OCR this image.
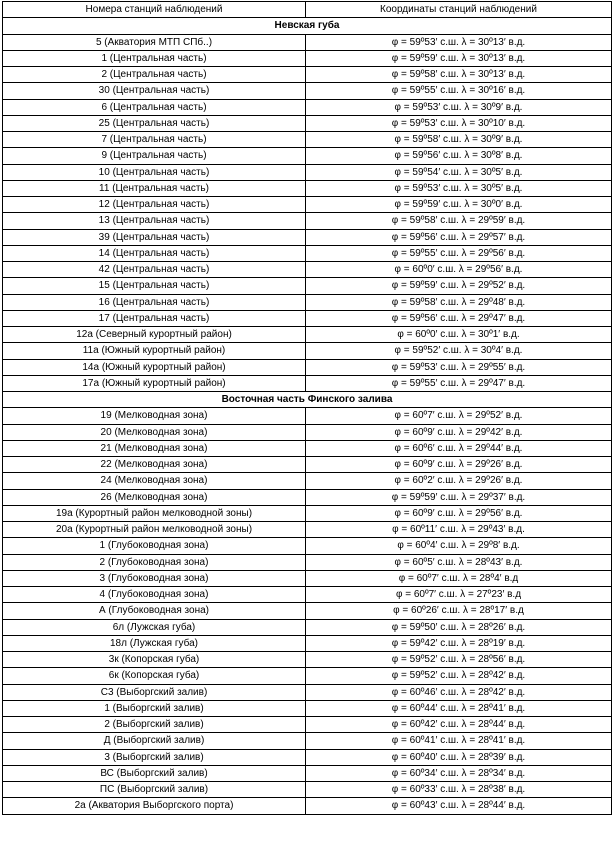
Номера станций наблюдений	Координаты станций наблюдений
Невская губа	
5 (Акватория МТП СПб..)	φ = 59º53′ с.ш. λ = 30º13′ в.д.
1 (Центральная часть)	φ = 59º59′ с.ш. λ = 30º13′ в.д.
2 (Центральная часть)	φ = 59º58′ с.ш. λ = 30º13′ в.д.
30 (Центральная часть)	φ = 59º55′ с.ш. λ = 30º16′ в.д.
6 (Центральная часть)	φ = 59º53′ с.ш. λ = 30º9′ в.д.
25 (Центральная часть)	φ = 59º53′ с.ш. λ = 30º10′ в.д.
7 (Центральная часть)	φ = 59º58′ с.ш. λ = 30º9′ в.д.
9 (Центральная часть)	φ = 59º56′ с.ш. λ = 30º8′ в.д.
10 (Центральная часть)	φ = 59º54′ с.ш. λ = 30º5′ в.д.
11 (Центральная часть)	φ = 59º53′ с.ш. λ = 30º5′ в.д.
12 (Центральная часть)	φ = 59º59′ с.ш. λ = 30º0′ в.д.
13 (Центральная часть)	φ = 59º58′ с.ш. λ = 29º59′ в.д.
39 (Центральная часть)	φ = 59º56′ с.ш. λ = 29º57′ в.д.
14 (Центральная часть)	φ = 59º55′ с.ш. λ = 29º56′ в.д.
42 (Центральная часть)	φ = 60º0′ с.ш. λ = 29º56′ в.д.
15 (Центральная часть)	φ = 59º59′ с.ш. λ = 29º52′ в.д.
16 (Центральная часть)	φ = 59º58′ с.ш. λ = 29º48′ в.д.
17 (Центральная часть)	φ = 59º56′ с.ш. λ = 29º47′ в.д.
12а (Северный курортный район)	φ = 60º0′ с.ш. λ = 30º1′ в.д.
11а (Южный курортный район)	φ = 59º52′ с.ш. λ = 30º4′ в.д.
14а (Южный курортный район)	φ = 59º53′ с.ш. λ = 29º55′ в.д.
17а (Южный курортный район)	φ = 59º55′ с.ш. λ = 29º47′ в.д.
Восточная часть Финского залива	
19 (Мелководная зона)	φ = 60º7′ с.ш. λ = 29º52′ в.д.
20 (Мелководная зона)	φ = 60º9′ с.ш. λ = 29º42′ в.д.
21 (Мелководная зона)	φ = 60º6′ с.ш. λ = 29º44′ в.д.
22 (Мелководная зона)	φ = 60º9′ с.ш. λ = 29º26′ в.д.
24 (Мелководная зона)	φ = 60º2′ с.ш. λ = 29º26′ в.д.
26 (Мелководная зона)	φ = 59º59′ с.ш. λ = 29º37′ в.д.
19а (Курортный район мелководной зоны)	φ = 60º9′ с.ш. λ = 29º56′ в.д.
20а (Курортный район мелководной зоны)	φ = 60º11′ с.ш. λ = 29º43′ в.д.
1 (Глубоководная зона)	φ = 60º4′ с.ш. λ = 29º8′ в.д.
2 (Глубоководная зона)	φ = 60º5′ с.ш. λ = 28º43′ в.д.
3 (Глубоководная зона)	φ = 60º7′ с.ш. λ = 28º4′ в.д
4 (Глубоководная зона)	φ = 60º7′ с.ш. λ = 27º23′ в.д
А (Глубоководная зона)	φ = 60º26′ с.ш. λ = 28º17′ в.д
6л (Лужская губа)	φ = 59º50′ с.ш. λ = 28º26′ в.д.
18л (Лужская губа)	φ = 59º42′ с.ш. λ = 28º19′ в.д.
3к (Копорская губа)	φ = 59º52′ с.ш. λ = 28º56′ в.д.
6к (Копорская губа)	φ = 59º52′ с.ш. λ = 28º42′ в.д.
С3 (Выборгский залив)	φ = 60º46′ с.ш. λ = 28º42′ в.д.
1 (Выборгский залив)	φ = 60º44′ с.ш. λ = 28º41′ в.д.
2 (Выборгский залив)	φ = 60º42′ с.ш. λ = 28º44′ в.д.
Д (Выборгский залив)	φ = 60º41′ с.ш. λ = 28º41′ в.д.
3 (Выборгский залив)	φ = 60º40′ с.ш. λ = 28º39′ в.д.
ВС (Выборгский залив)	φ = 60º34′ с.ш. λ = 28º34′ в.д.
ПС (Выборгский залив)	φ = 60º33′ с.ш. λ = 28º38′ в.д.
2а (Акватория Выборгского порта)	φ = 60º43′ с.ш. λ = 28º44′ в.д.
